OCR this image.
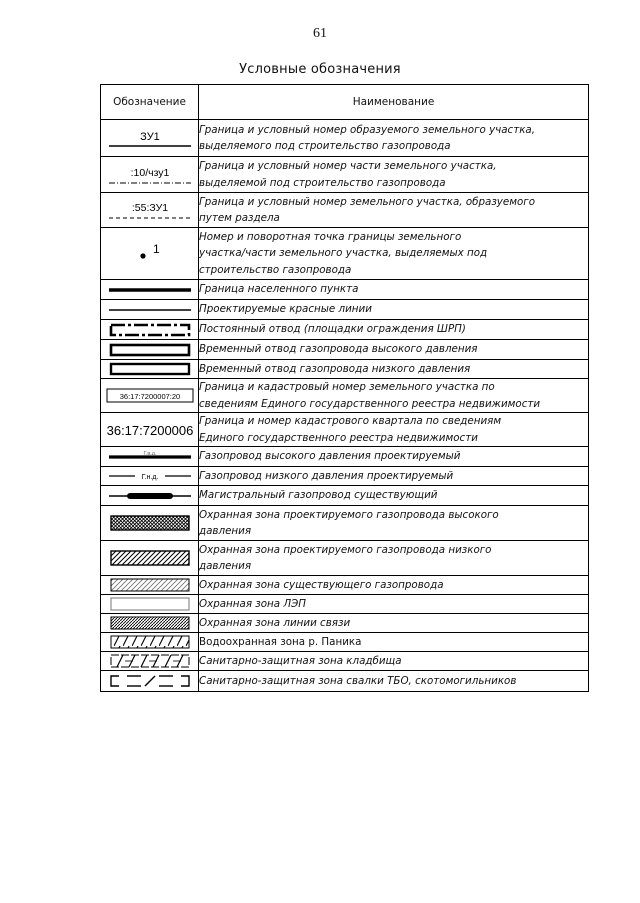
61
Условные обозначения
Обозначение	Наименование

ЗУ1	Граница и условный номер образуемого земельного участка,
выделяемого под строительство газопровода

:10/чзу1	Граница и условный номер части земельного участка,
выделяемой под строительство газопровода

:55:ЗУ1	Граница и условный номер земельного участка, образуемого
путем раздела

1	Номер и поворотная точка границы земельного
участка/части земельного участка, выделяемых под
строительство газопровода

	Граница населенного пункта

	Проектируемые красные линии

	Постоянный отвод (площадки ограждения ШРП)

	Временный отвод газопровода высокого давления

	Временный отвод газопровода низкого давления

36:17:7200007:20	Граница и кадастровый номер земельного участка по
сведениям Единого государственного реестра недвижимости

36:17:7200006	Граница и номер кадастрового квартала по сведениям
Единого государственного реестра недвижимости

Г.в.д.	Газопровод высокого давления проектируемый

Г.н.д.	Газопровод низкого давления проектируемый

	Магистральный газопровод существующий

	Охранная зона проектируемого газопровода высокого
давления

	Охранная зона проектируемого газопровода низкого
давления

	Охранная зона существующего газопровода

	Охранная зона ЛЭП

	Охранная зона линии связи

	Водоохранная зона р. Паника

	Санитарно-защитная зона кладбища

	Санитарно-защитная зона свалки ТБО, скотомогильников
